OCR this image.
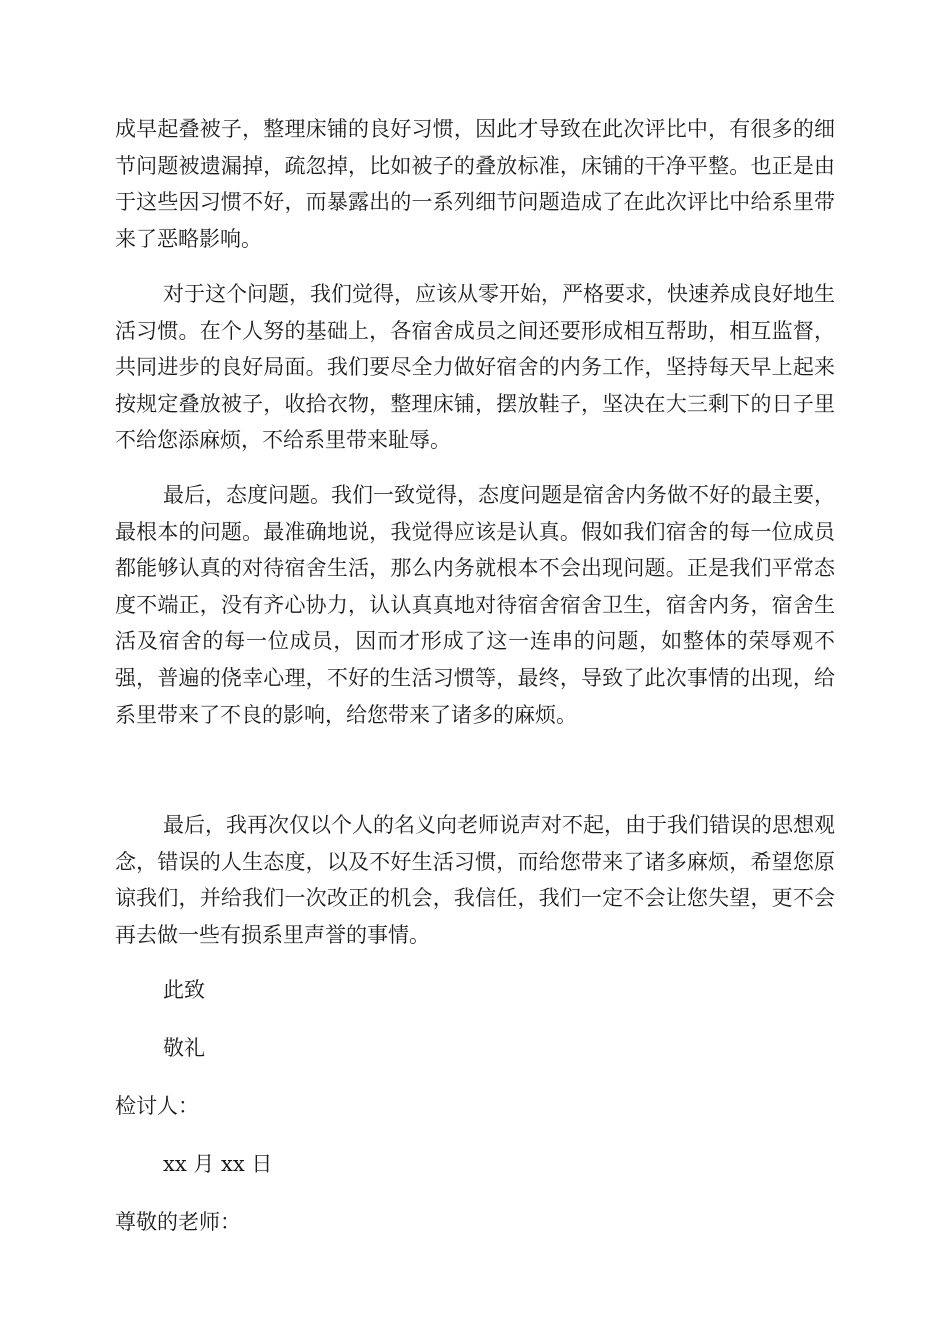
成早起叠被子，整理床铺的良好习惯，因此才导致在此次评比中，有很多的细节问题被遗漏掉，疏忽掉，比如被子的叠放标准，床铺的干净平整。也正是由于这些因习惯不好，而暴露出的一系列细节问题造成了在此次评比中给系里带来了恶略影响。

对于这个问题，我们觉得，应该从零开始，严格要求，快速养成良好地生活习惯。在个人努的基础上，各宿舍成员之间还要形成相互帮助，相互监督，共同进步的良好局面。我们要尽全力做好宿舍的内务工作，坚持每天早上起来按规定叠放被子，收拾衣物，整理床铺，摆放鞋子，坚决在大三剩下的日子里不给您添麻烦，不给系里带来耻辱。

最后，态度问题。我们一致觉得，态度问题是宿舍内务做不好的最主要，最根本的问题。最准确地说，我觉得应该是认真。假如我们宿舍的每一位成员都能够认真的对待宿舍生活，那么内务就根本不会出现问题。正是我们平常态度不端正，没有齐心协力，认认真真地对待宿舍宿舍卫生，宿舍内务，宿舍生活及宿舍的每一位成员，因而才形成了这一连串的问题，如整体的荣辱观不强，普遍的侥幸心理，不好的生活习惯等，最终，导致了此次事情的出现，给系里带来了不良的影响，给您带来了诸多的麻烦。

最后，我再次仅以个人的名义向老师说声对不起，由于我们错误的思想观念，错误的人生态度，以及不好生活习惯，而给您带来了诸多麻烦，希望您原谅我们，并给我们一次改正的机会，我信任，我们一定不会让您失望，更不会再去做一些有损系里声誉的事情。

此致
敬礼
检讨人：
xx 月 xx 日
尊敬的老师：
